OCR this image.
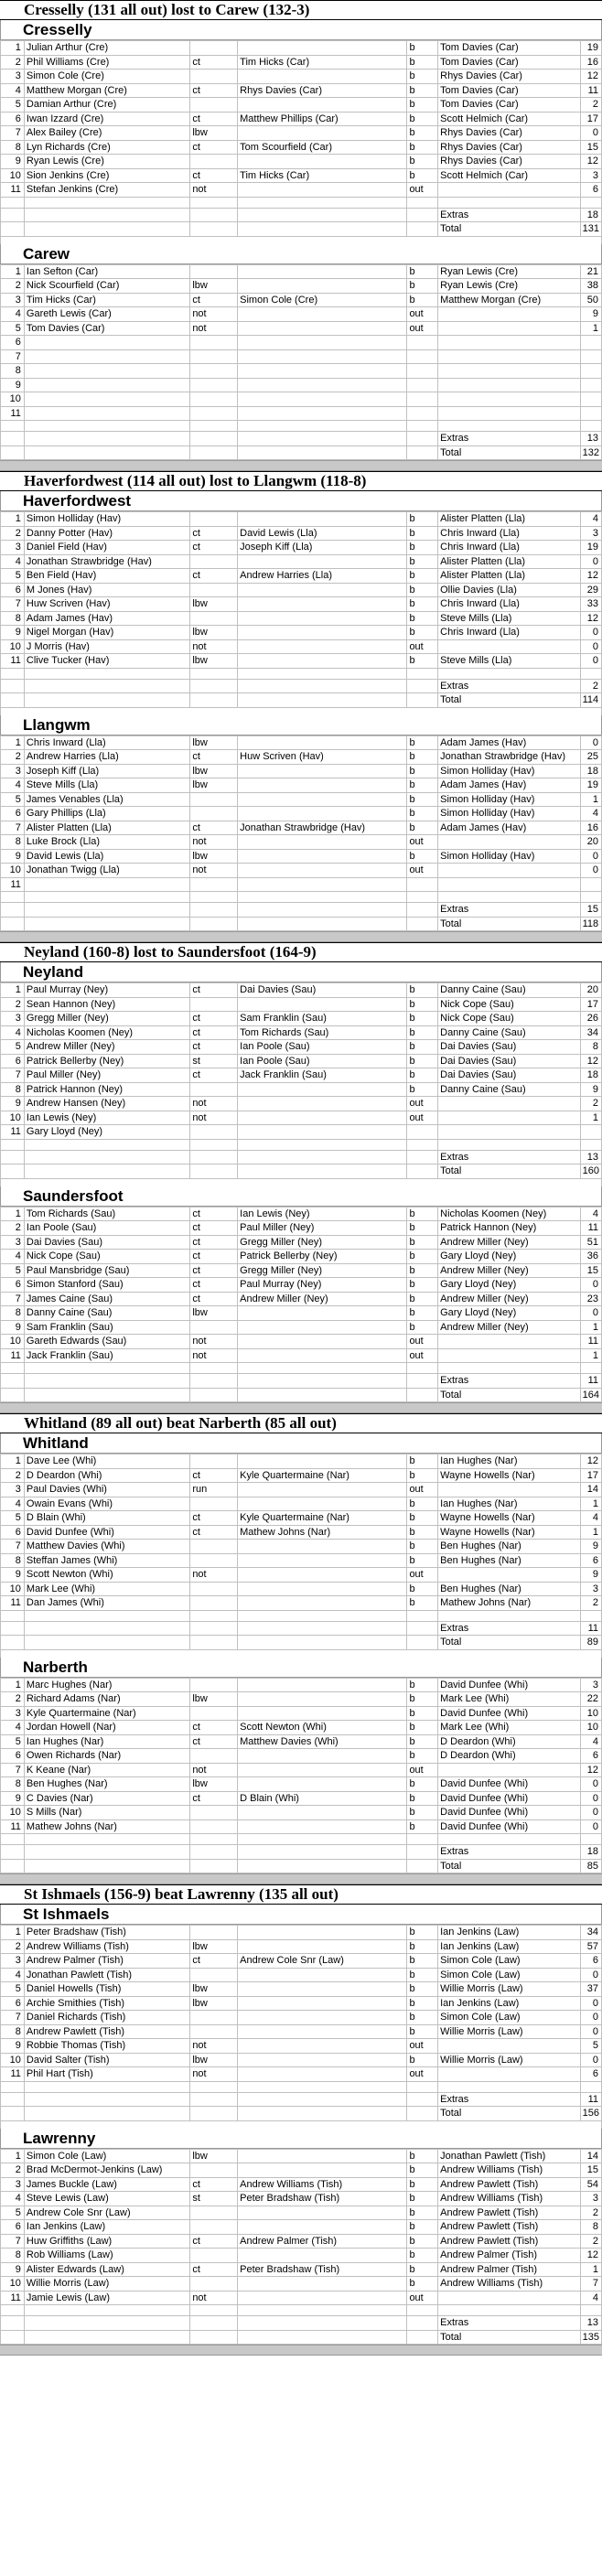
Cresselly (131 all out) lost to Carew (132-3)
Cresselly
1	Julian Arthur (Cre)			b	Tom Davies (Car)	19
2	Phil Williams (Cre)	ct	Tim Hicks (Car)	b	Tom Davies (Car)	16
3	Simon Cole (Cre)			b	Rhys Davies (Car)	12
4	Matthew Morgan (Cre)	ct	Rhys Davies (Car)	b	Tom Davies (Car)	11
5	Damian Arthur (Cre)			b	Tom Davies (Car)	2
6	Iwan Izzard (Cre)	ct	Matthew Phillips (Car)	b	Scott Helmich (Car)	17
7	Alex Bailey (Cre)	lbw		b	Rhys Davies (Car)	0
8	Lyn Richards (Cre)	ct	Tom Scourfield (Car)	b	Rhys Davies (Car)	15
9	Ryan Lewis (Cre)			b	Rhys Davies (Car)	12
10	Sion Jenkins (Cre)	ct	Tim Hicks (Car)	b	Scott Helmich (Car)	3
11	Stefan Jenkins (Cre)	not		out		6

					Extras	18
					Total	131
Carew
1	Ian Sefton (Car)			b	Ryan Lewis (Cre)	21
2	Nick Scourfield (Car)	lbw		b	Ryan Lewis (Cre)	38
3	Tim Hicks (Car)	ct	Simon Cole (Cre)	b	Matthew Morgan (Cre)	50
4	Gareth Lewis (Car)	not		out		9
5	Tom Davies (Car)	not		out		1
6						
7						
8						
9						
10						
11						

					Extras	13
					Total	132
Haverfordwest (114 all out) lost to Llangwm (118-8)
Haverfordwest
1	Simon Holliday (Hav)			b	Alister Platten (Lla)	4
2	Danny Potter (Hav)	ct	David Lewis (Lla)	b	Chris Inward (Lla)	3
3	Daniel Field (Hav)	ct	Joseph Kiff (Lla)	b	Chris Inward (Lla)	19
4	Jonathan Strawbridge (Hav)			b	Alister Platten (Lla)	0
5	Ben Field (Hav)	ct	Andrew Harries (Lla)	b	Alister Platten (Lla)	12
6	M Jones (Hav)			b	Ollie Davies (Lla)	29
7	Huw Scriven (Hav)	lbw		b	Chris Inward (Lla)	33
8	Adam James (Hav)			b	Steve Mills (Lla)	12
9	Nigel Morgan (Hav)	lbw		b	Chris Inward (Lla)	0
10	J Morris (Hav)	not		out		0
11	Clive Tucker (Hav)	lbw		b	Steve Mills (Lla)	0

					Extras	2
					Total	114
Llangwm
1	Chris Inward (Lla)	lbw		b	Adam James (Hav)	0
2	Andrew Harries (Lla)	ct	Huw Scriven (Hav)	b	Jonathan Strawbridge (Hav)	25
3	Joseph Kiff (Lla)	lbw		b	Simon Holliday (Hav)	18
4	Steve Mills (Lla)	lbw		b	Adam James (Hav)	19
5	James Venables (Lla)			b	Simon Holliday (Hav)	1
6	Gary Phillips (Lla)			b	Simon Holliday (Hav)	4
7	Alister Platten (Lla)	ct	Jonathan Strawbridge (Hav)	b	Adam James (Hav)	16
8	Luke Brock (Lla)	not		out		20
9	David Lewis (Lla)	lbw		b	Simon Holliday (Hav)	0
10	Jonathan Twigg (Lla)	not		out		0
11						

					Extras	15
					Total	118
Neyland (160-8) lost to Saundersfoot (164-9)
Neyland
1	Paul Murray (Ney)	ct	Dai Davies (Sau)	b	Danny Caine (Sau)	20
2	Sean Hannon (Ney)			b	Nick Cope (Sau)	17
3	Gregg Miller (Ney)	ct	Sam Franklin (Sau)	b	Nick Cope (Sau)	26
4	Nicholas Koomen (Ney)	ct	Tom Richards (Sau)	b	Danny Caine (Sau)	34
5	Andrew Miller (Ney)	ct	Ian Poole (Sau)	b	Dai Davies (Sau)	8
6	Patrick Bellerby (Ney)	st	Ian Poole (Sau)	b	Dai Davies (Sau)	12
7	Paul Miller (Ney)	ct	Jack Franklin (Sau)	b	Dai Davies (Sau)	18
8	Patrick Hannon (Ney)			b	Danny Caine (Sau)	9
9	Andrew Hansen (Ney)	not		out		2
10	Ian Lewis (Ney)	not		out		1
11	Gary Lloyd (Ney)					

					Extras	13
					Total	160
Saundersfoot
1	Tom Richards (Sau)	ct	Ian Lewis (Ney)	b	Nicholas Koomen (Ney)	4
2	Ian Poole (Sau)	ct	Paul Miller (Ney)	b	Patrick Hannon (Ney)	11
3	Dai Davies (Sau)	ct	Gregg Miller (Ney)	b	Andrew Miller (Ney)	51
4	Nick Cope (Sau)	ct	Patrick Bellerby (Ney)	b	Gary Lloyd (Ney)	36
5	Paul Mansbridge (Sau)	ct	Gregg Miller (Ney)	b	Andrew Miller (Ney)	15
6	Simon Stanford (Sau)	ct	Paul Murray (Ney)	b	Gary Lloyd (Ney)	0
7	James Caine (Sau)	ct	Andrew Miller (Ney)	b	Andrew Miller (Ney)	23
8	Danny Caine (Sau)	lbw		b	Gary Lloyd (Ney)	0
9	Sam Franklin (Sau)			b	Andrew Miller (Ney)	1
10	Gareth Edwards (Sau)	not		out		11
11	Jack Franklin (Sau)	not		out		1

					Extras	11
					Total	164
Whitland (89 all out) beat Narberth (85 all out)
Whitland
1	Dave Lee (Whi)			b	Ian Hughes (Nar)	12
2	D Deardon (Whi)	ct	Kyle Quartermaine (Nar)	b	Wayne Howells (Nar)	17
3	Paul Davies (Whi)	run		out		14
4	Owain Evans (Whi)			b	Ian Hughes (Nar)	1
5	D Blain (Whi)	ct	Kyle Quartermaine (Nar)	b	Wayne Howells (Nar)	4
6	David Dunfee (Whi)	ct	Mathew Johns (Nar)	b	Wayne Howells (Nar)	1
7	Matthew Davies (Whi)			b	Ben Hughes (Nar)	9
8	Steffan James (Whi)			b	Ben Hughes (Nar)	6
9	Scott Newton (Whi)	not		out		9
10	Mark Lee (Whi)			b	Ben Hughes (Nar)	3
11	Dan James (Whi)			b	Mathew Johns (Nar)	2

					Extras	11
					Total	89
Narberth
1	Marc Hughes (Nar)			b	David Dunfee (Whi)	3
2	Richard Adams (Nar)	lbw		b	Mark Lee (Whi)	22
3	Kyle Quartermaine (Nar)			b	David Dunfee (Whi)	10
4	Jordan Howell (Nar)	ct	Scott Newton (Whi)	b	Mark Lee (Whi)	10
5	Ian Hughes (Nar)	ct	Matthew Davies (Whi)	b	D Deardon (Whi)	4
6	Owen Richards (Nar)			b	D Deardon (Whi)	6
7	K Keane (Nar)	not		out		12
8	Ben Hughes (Nar)	lbw		b	David Dunfee (Whi)	0
9	C Davies (Nar)	ct	D Blain (Whi)	b	David Dunfee (Whi)	0
10	S Mills (Nar)			b	David Dunfee (Whi)	0
11	Mathew Johns (Nar)			b	David Dunfee (Whi)	0

					Extras	18
					Total	85
St Ishmaels (156-9) beat Lawrenny (135 all out)
St Ishmaels
1	Peter Bradshaw (Tish)			b	Ian Jenkins (Law)	34
2	Andrew Williams (Tish)	lbw		b	Ian Jenkins (Law)	57
3	Andrew Palmer (Tish)	ct	Andrew Cole Snr (Law)	b	Simon Cole (Law)	6
4	Jonathan Pawlett (Tish)			b	Simon Cole (Law)	0
5	Daniel Howells (Tish)	lbw		b	Willie Morris (Law)	37
6	Archie Smithies (Tish)	lbw		b	Ian Jenkins (Law)	0
7	Daniel Richards (Tish)			b	Simon Cole (Law)	0
8	Andrew Pawlett (Tish)			b	Willie Morris (Law)	0
9	Robbie Thomas (Tish)	not		out		5
10	David Salter (Tish)	lbw		b	Willie Morris (Law)	0
11	Phil Hart (Tish)	not		out		6

					Extras	11
					Total	156
Lawrenny
1	Simon Cole (Law)	lbw		b	Jonathan Pawlett (Tish)	14
2	Brad McDermot-Jenkins (Law)			b	Andrew Williams (Tish)	15
3	James Buckle (Law)	ct	Andrew Williams (Tish)	b	Andrew Pawlett (Tish)	54
4	Steve Lewis (Law)	st	Peter Bradshaw (Tish)	b	Andrew Williams (Tish)	3
5	Andrew Cole Snr (Law)			b	Andrew Pawlett (Tish)	2
6	Ian Jenkins (Law)			b	Andrew Pawlett (Tish)	8
7	Huw Griffiths (Law)	ct	Andrew Palmer (Tish)	b	Andrew Pawlett (Tish)	2
8	Rob Williams (Law)			b	Andrew Palmer (Tish)	12
9	Alister Edwards (Law)	ct	Peter Bradshaw (Tish)	b	Andrew Palmer (Tish)	1
10	Willie Morris (Law)			b	Andrew Williams (Tish)	7
11	Jamie Lewis (Law)	not		out		4

					Extras	13
					Total	135
